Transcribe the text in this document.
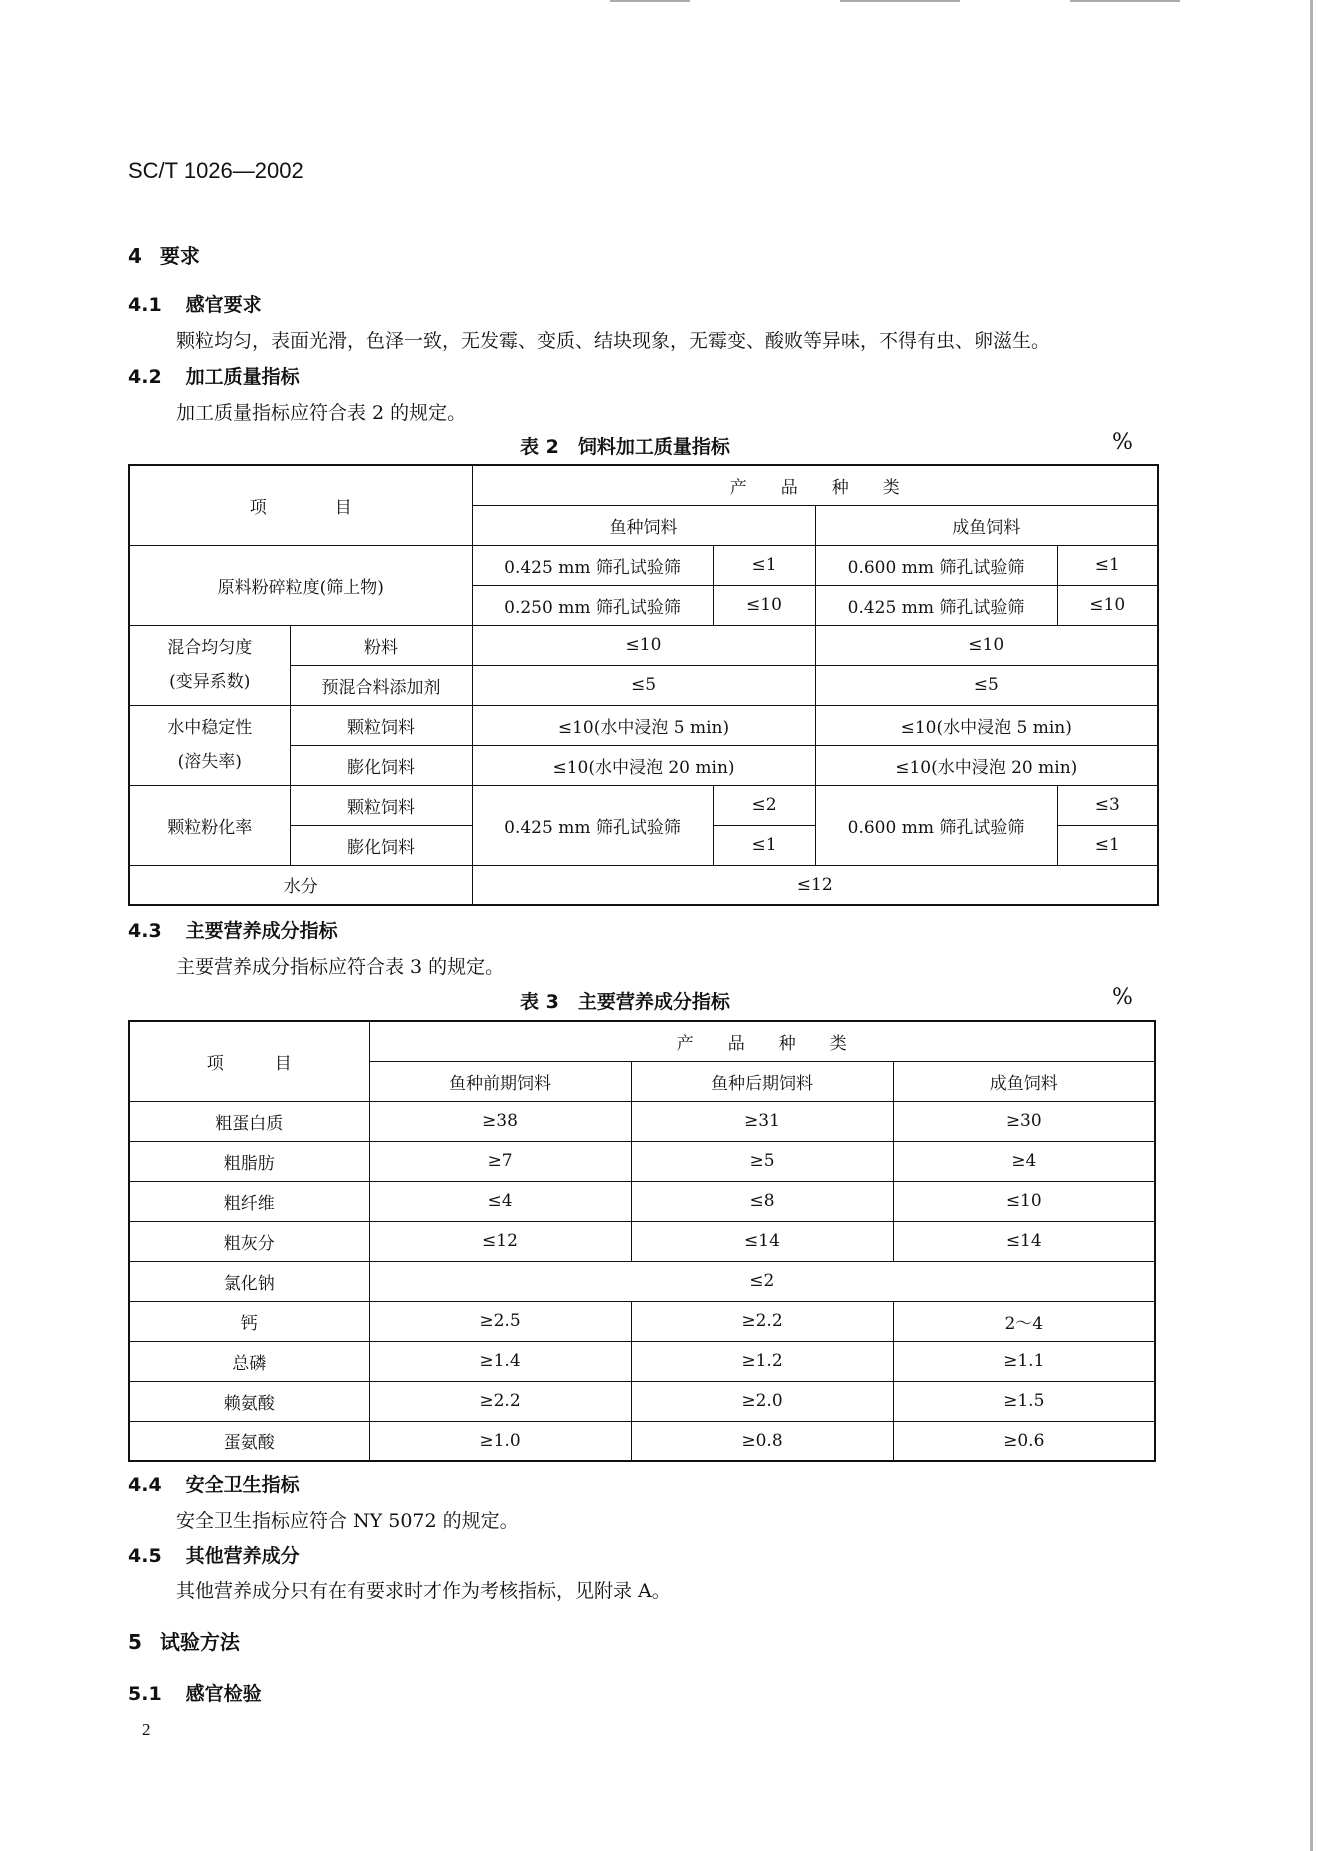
SC/T 1026—2002
4 要求
4.1 感官要求
颗粒均匀，表面光滑，色泽一致，无发霉、变质、结块现象，无霉变、酸败等异味，不得有虫、卵滋生。
4.2 加工质量指标
加工质量指标应符合表 2 的规定。
表 2　饲料加工质量指标	%
项　　　　目		产　　品　　种　　类			
		鱼种饲料		成鱼饲料	
原料粉碎粒度(筛上物)		0.425 mm 筛孔试验筛	≤1	0.600 mm 筛孔试验筛	≤1
		0.250 mm 筛孔试验筛	≤10	0.425 mm 筛孔试验筛	≤10

混合均匀度
(变异系数)	粉料	≤10		≤10	
	预混合料添加剂	≤5		≤5	

水中稳定性
(溶失率)	颗粒饲料	≤10(水中浸泡 5 min)		≤10(水中浸泡 5 min)	
	膨化饲料	≤10(水中浸泡 20 min)		≤10(水中浸泡 20 min)	
颗粒粉化率	颗粒饲料	0.425 mm 筛孔试验筛	≤2	0.600 mm 筛孔试验筛	≤3
	膨化饲料		≤1		≤1
水分		≤12			
4.3 主要营养成分指标
主要营养成分指标应符合表 3 的规定。
表 3　主要营养成分指标	%
项　　　目	产　　品　　种　　类		
	鱼种前期饲料	鱼种后期饲料	成鱼饲料
粗蛋白质	≥38	≥31	≥30
粗脂肪	≥7	≥5	≥4
粗纤维	≤4	≤8	≤10
粗灰分	≤12	≤14	≤14
氯化钠	≤2		
钙	≥2.5	≥2.2	2～4
总磷	≥1.4	≥1.2	≥1.1
赖氨酸	≥2.2	≥2.0	≥1.5
蛋氨酸	≥1.0	≥0.8	≥0.6
4.4 安全卫生指标
安全卫生指标应符合 NY 5072 的规定。
4.5 其他营养成分
其他营养成分只有在有要求时才作为考核指标，见附录 A。
5 试验方法
5.1 感官检验
2
